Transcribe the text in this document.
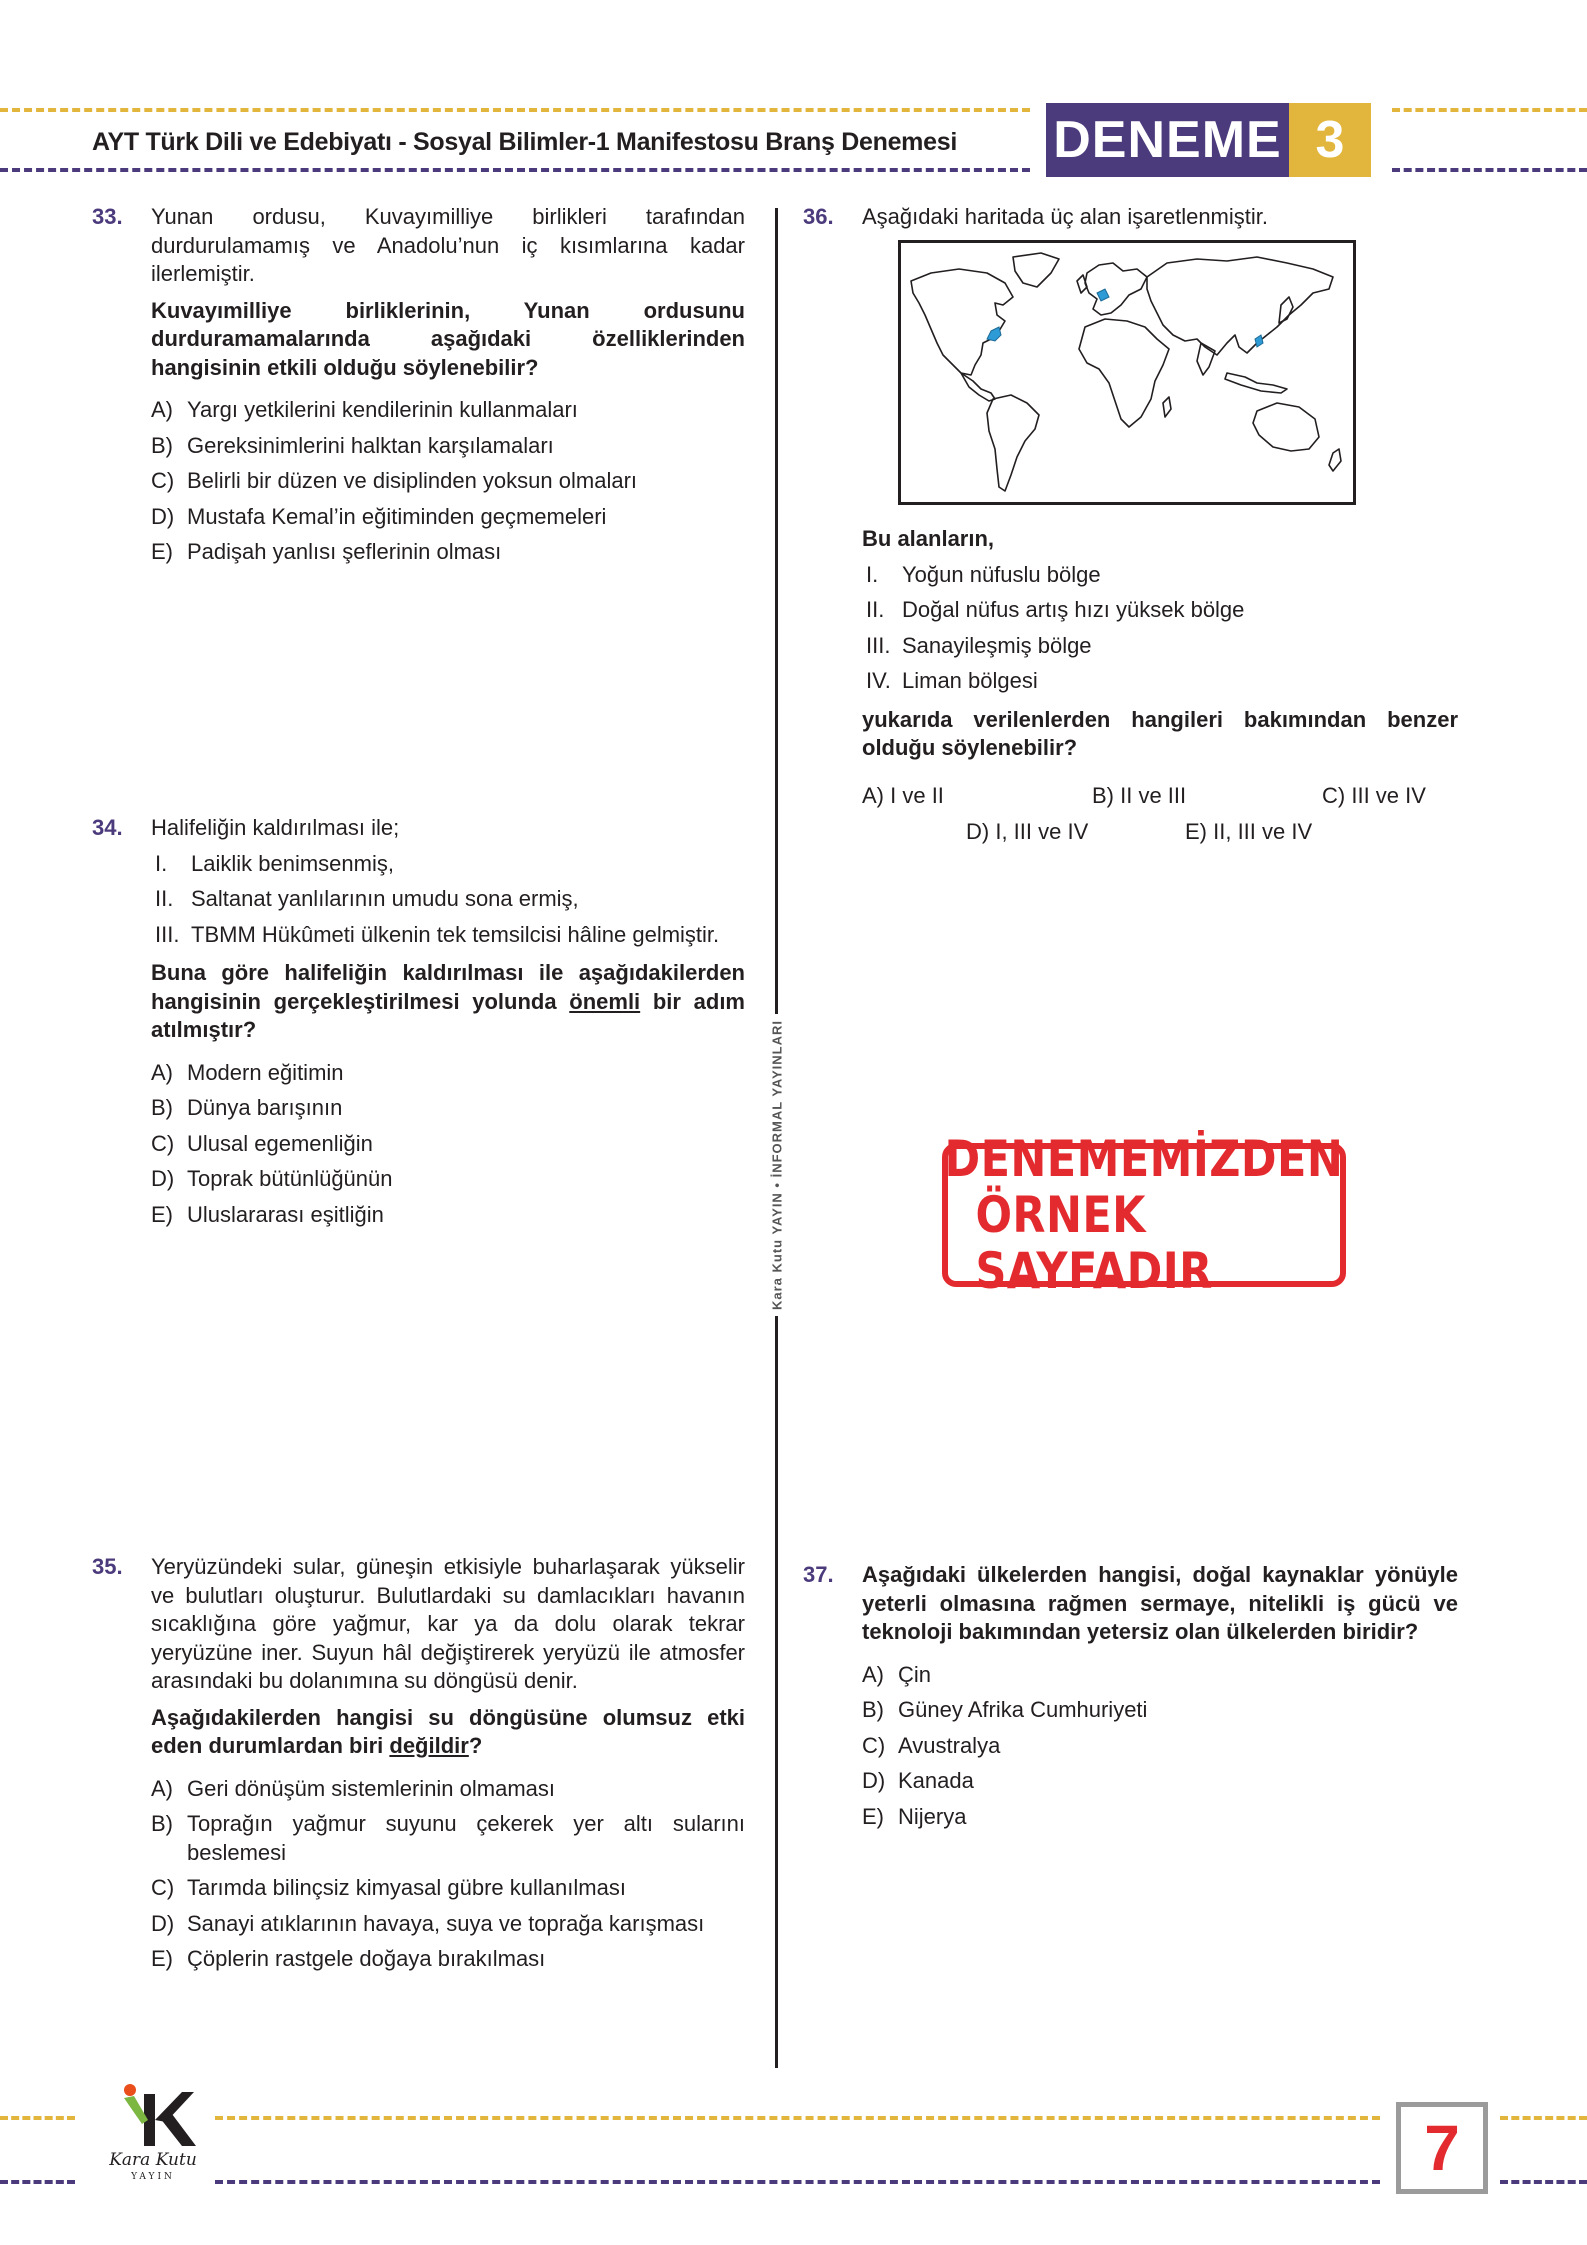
AYT Türk Dili ve Edebiyatı - Sosyal Bilimler-1 Manifestosu Branş Denemesi DENEME 3
Kara Kutu YAYIN • İNFORMAL YAYINLARI
33. Yunan ordusu, Kuvayımilliye birlikleri tarafından durdurulamamış ve Anadolu’nun iç kısımlarına kadar ilerlemiştir.
Kuvayımilliye birliklerinin, Yunan ordusunu durduramamalarında aşağıdaki özelliklerinden hangisinin etkili olduğu söylenebilir?
A) Yargı yetkilerini kendilerinin kullanmaları
B) Gereksinimlerini halktan karşılamaları
C) Belirli bir düzen ve disiplinden yoksun olmaları
D) Mustafa Kemal’in eğitiminden geçmemeleri
E) Padişah yanlısı şeflerinin olması
34. Halifeliğin kaldırılması ile;
I. Laiklik benimsenmiş,
II. Saltanat yanlılarının umudu sona ermiş,
III. TBMM Hükûmeti ülkenin tek temsilcisi hâline gelmiştir.
Buna göre halifeliğin kaldırılması ile aşağıdakilerden hangisinin gerçekleştirilmesi yolunda önemli bir adım atılmıştır?
A) Modern eğitimin
B) Dünya barışının
C) Ulusal egemenliğin
D) Toprak bütünlüğünün
E) Uluslararası eşitliğin
35. Yeryüzündeki sular, güneşin etkisiyle buharlaşarak yükselir ve bulutları oluşturur. Bulutlardaki su damlacıkları havanın sıcaklığına göre yağmur, kar ya da dolu olarak tekrar yeryüzüne iner. Suyun hâl değiştirerek yeryüzü ile atmosfer arasındaki bu dolanımına su döngüsü denir.
Aşağıdakilerden hangisi su döngüsüne olumsuz etki eden durumlardan biri değildir?
A) Geri dönüşüm sistemlerinin olmaması
B) Toprağın yağmur suyunu çekerek yer altı sularını beslemesi
C) Tarımda bilinçsiz kimyasal gübre kullanılması
D) Sanayi atıklarının havaya, suya ve toprağa karışması
E) Çöplerin rastgele doğaya bırakılması
36. Aşağıdaki haritada üç alan işaretlenmiştir.
Bu alanların,
I. Yoğun nüfuslu bölge
II. Doğal nüfus artış hızı yüksek bölge
III. Sanayileşmiş bölge
IV. Liman bölgesi
yukarıda verilenlerden hangileri bakımından benzer olduğu söylenebilir?
A) I ve II	B) II ve III	C) III ve IV
D) I, III ve IV	E) II, III ve IV
DENEMEMİZDEN
ÖRNEK SAYFADIR
37. Aşağıdaki ülkelerden hangisi, doğal kaynaklar yönüyle yeterli olmasına rağmen sermaye, nitelikli iş gücü ve teknoloji bakımından yetersiz olan ülkelerden biridir?
A) Çin
B) Güney Afrika Cumhuriyeti
C) Avustralya
D) Kanada
E) Nijerya
Kara Kutu
YAYIN	7
